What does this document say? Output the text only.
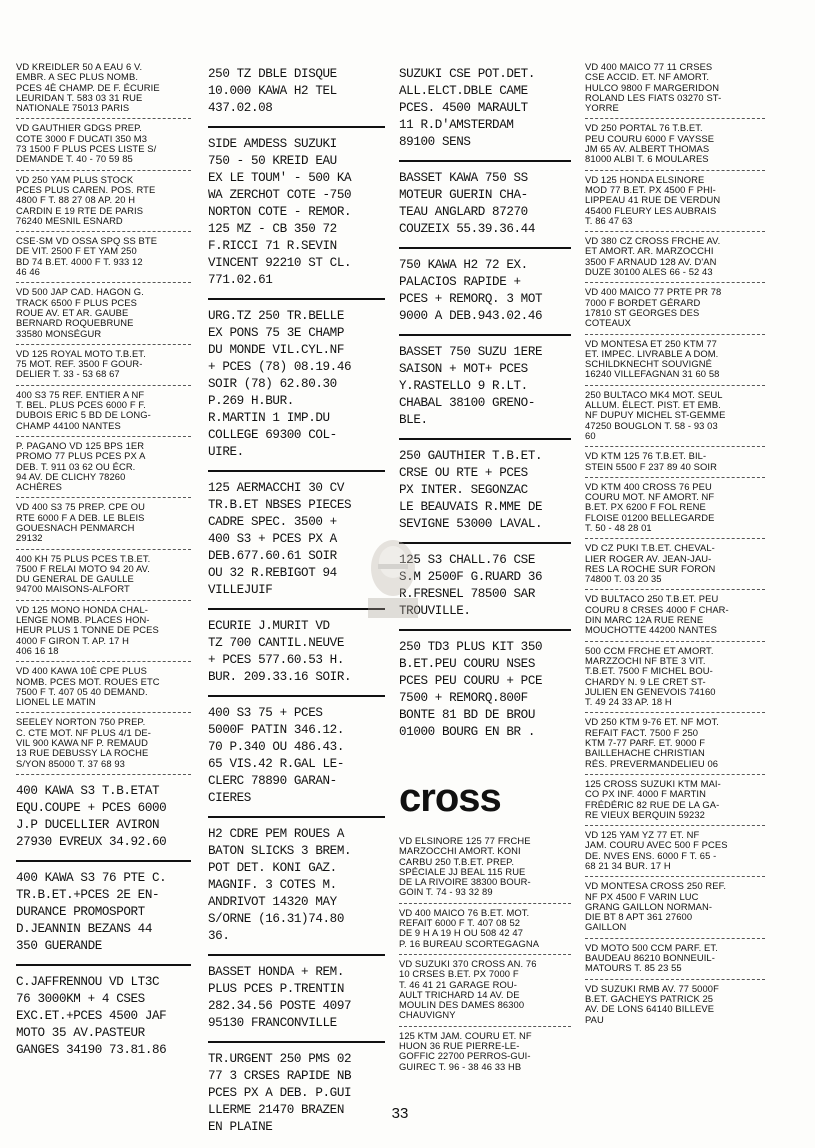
VD KREIDLER 50 A EAU 6 V.
EMBR. A SEC PLUS NOMB.
PCES 4È CHAMP. DE F. ÉCURIE
LEURIDAN T. 583 03 31 RUE
NATIONALE 75013 PARIS

VD GAUTHIER GDGS PREP.
COTE 3000 F DUCATI 350 M3
73 1500 F PLUS PCES LISTE S/
DEMANDE T. 40 - 70 59 85

VD 250 YAM PLUS STOCK
PCES PLUS CAREN. POS. RTE
4800 F T. 88 27 08 AP. 20 H
CARDIN E 19 RTE DE PARIS
76240 MESNIL ESNARD

CSE·SM VD OSSA SPQ SS BTE
DE VIT. 2500 F ET YAM 250
BD 74 B.ET. 4000 F T. 933 12
46 46

VD 500 JAP CAD. HAGON G.
TRACK 6500 F PLUS PCES
ROUE AV. ET AR. GAUBE
BERNARD ROQUEBRUNE
33580 MONSÉGUR

VD 125 ROYAL MOTO T.B.ET.
75 MOT. REF. 3500 F GOUR-
DELIER T. 33 - 53 68 67

400 S3 75 REF. ENTIER A NF
T. BEL. PLUS PCES 6000 F F.
DUBOIS ERIC 5 BD DE LONG-
CHAMP 44100 NANTES

P. PAGANO VD 125 BPS 1ER
PROMO 77 PLUS PCES PX A
DEB. T. 911 03 62 OU ÉCR.
94 AV. DE CLICHY 78260
ACHÈRES

VD 400 S3 75 PREP. CPE OU
RTE 6000 F A DEB. LE BLEIS
GOUESNACH PENMARCH
29132

400 KH 75 PLUS PCES T.B.ET.
7500 F RELAI MOTO 94 20 AV.
DU GENERAL DE GAULLE
94700 MAISONS-ALFORT

VD 125 MONO HONDA CHAL-
LENGE NOMB. PLACES HON-
HEUR PLUS 1 TONNE DE PCES
4000 F GIRON T. AP. 17 H
406 16 18

VD 400 KAWA 10È CPE PLUS
NOMB. PCES MOT. ROUES ETC
7500 F T. 407 05 40 DEMAND.
LIONEL LE MATIN

SEELEY NORTON 750 PREP.
C. CTE MOT. NF PLUS 4/1 DE-
VIL 900 KAWA NF P. REMAUD
13 RUE DEBUSSY LA ROCHE
S/YON 85000 T. 37 68 93

400 KAWA S3 T.B.ETAT
EQU.COUPE + PCES 6000
J.P DUCELLIER AVIRON
27930 EVREUX 34.92.60

400 KAWA S3 76 PTE C.
TR.B.ET.+PCES 2E EN-
DURANCE PROMOSPORT
D.JEANNIN BEZANS 44
350 GUERANDE

C.JAFFRENNOU VD LT3C
76 3000KM + 4 CSES
EXC.ET.+PCES 4500 JAF
MOTO 35 AV.PASTEUR
GANGES 34190 73.81.86

250 TZ DBLE DISQUE
10.000 KAWA H2 TEL
437.02.08

SIDE AMDESS SUZUKI
750 - 50 KREID EAU
EX LE TOUM' - 500 KA
WA ZERCHOT COTE -750
NORTON COTE - REMOR.
125 MZ - CB 350 72
F.RICCI 71 R.SEVIN
VINCENT 92210 ST CL.
771.02.61

URG.TZ 250 TR.BELLE
EX PONS 75 3E CHAMP
DU MONDE VIL.CYL.NF
+ PCES (78) 08.19.46
SOIR (78) 62.80.30
P.269 H.BUR.
R.MARTIN 1 IMP.DU
COLLEGE 69300 COL-
UIRE.

125 AERMACCHI 30 CV
TR.B.ET NBSES PIECES
CADRE SPEC. 3500 +
400 S3 + PCES PX A
DEB.677.60.61 SOIR
OU 32 R.REBIGOT 94
VILLEJUIF

ECURIE J.MURIT VD
TZ 700 CANTIL.NEUVE
+ PCES 577.60.53 H.
BUR. 209.33.16 SOIR.

400 S3 75 + PCES
5000F PATIN 346.12.
70 P.340 OU 486.43.
65 VIS.42 R.GAL LE-
CLERC 78890 GARAN-
CIERES

H2 CDRE PEM ROUES A
BATON SLICKS 3 BREM.
POT DET. KONI GAZ.
MAGNIF. 3 COTES M.
ANDRIVOT 14320 MAY
S/ORNE (16.31)74.80
36.

BASSET HONDA + REM.
PLUS PCES P.TRENTIN
282.34.56 POSTE 4097
95130 FRANCONVILLE

TR.URGENT 250 PMS 02
77 3 CRSES RAPIDE NB
PCES PX A DEB. P.GUI
LLERME 21470 BRAZEN
EN PLAINE

SUZUKI CSE POT.DET.
ALL.ELCT.DBLE CAME
PCES. 4500 MARAULT
11 R.D'AMSTERDAM
89100 SENS

BASSET KAWA 750 SS
MOTEUR GUERIN CHA-
TEAU ANGLARD 87270
COUZEIX 55.39.36.44

750 KAWA H2 72 EX.
PALACIOS RAPIDE +
PCES + REMORQ. 3 MOT
9000 A DEB.943.02.46

BASSET 750 SUZU 1ERE
SAISON + MOT+ PCES
Y.RASTELLO 9 R.LT.
CHABAL 38100 GRENO-
BLE.

250 GAUTHIER T.B.ET.
CRSE OU RTE + PCES
PX INTER. SEGONZAC
LE BEAUVAIS R.MME DE
SEVIGNE 53000 LAVAL.

S3 CHALL.76 CSE
2500F G.RUARD 36
R.FRESNEL 78500 SAR
TROUVILLE.

250 TD3 PLUS KIT 350
B.ET.PEU COURU NSES
PCES PEU COURU + PCE
7500 + REMORQ.800F
BONTE 81 BD DE BROU
01000 BOURG EN BR .

cross

VD ELSINORE 125 77 FRCHE
MARZOCCHI AMORT. KONI
CARBU 250 T.B.ET. PREP.
SPÉCIALE JJ BEAL 115 RUE
DE LA RIVOIRE 38300 BOUR-
GOIN T. 74 - 93 32 89

VD 400 MAICO 76 B.ET. MOT.
REFAIT 6000 F T. 407 08 52
DE 9 H A 19 H OU 508 42 47
P. 16 BUREAU SCORTEGAGNA

VD SUZUKI 370 CROSS AN. 76
10 CRSES B.ET. PX 7000 F
T. 46 41 21 GARAGE ROU-
AULT TRICHARD 14 AV. DE
MOULIN DES DAMES 86300
CHAUVIGNY

125 KTM JAM. COURU ET. NF
HUON 36 RUE PIERRE-LE-
GOFFIC 22700 PERROS-GUI-
GUIREC T. 96 - 38 46 33 HB

VD 400 MAICO 77 11 CRSES
CSE ACCID. ET. NF AMORT.
HULCO 9800 F MARGERIDON
ROLAND LES FIATS 03270 ST-
YORRE

VD 250 PORTAL 76 T.B.ET.
PEU COURU 6000 F VAYSSE
JM 65 AV. ALBERT THOMAS
81000 ALBI T. 6 MOULARES

VD 125 HONDA ELSINORE
MOD 77 B.ET. PX 4500 F PHI-
LIPPEAU 41 RUE DE VERDUN
45400 FLEURY LES AUBRAIS
T. 86 47 63

VD 380 CZ CROSS FRCHE AV.
ET AMORT. AR. MARZOCCHI
3500 F ARNAUD 128 AV. D'AN
DUZE 30100 ALES 66 - 52 43

VD 400 MAICO 77 PRTE PR 78
7000 F BORDET GÉRARD
17810 ST GEORGES DES
COTEAUX

VD MONTESA ET 250 KTM 77
ET. IMPEC. LIVRABLE A DOM.
SCHILDKNECHT SOUVIGNÉ
16240 VILLEFAGNAN 31 60 58

250 BULTACO MK4 MOT. SEUL
ALLUM. ÉLECT. PIST. ET EMB.
NF DUPUY MICHEL ST-GEMME
47250 BOUGLON T. 58 - 93 03
60

VD KTM 125 76 T.B.ET. BIL-
STEIN 5500 F 237 89 40 SOIR

VD KTM 400 CROSS 76 PEU
COURU MOT. NF AMORT. NF
B.ET. PX 6200 F FOL RENE
FLOISE 01200 BELLEGARDE
T. 50 - 48 28 01

VD CZ PUKI T.B.ET. CHEVAL-
LIER ROGER AV. JEAN-JAU-
RES LA ROCHE SUR FORON
74800 T. 03 20 35

VD BULTACO 250 T.B.ET. PEU
COURU 8 CRSES 4000 F CHAR-
DIN MARC 12A RUE RENE
MOUCHOTTE 44200 NANTES

500 CCM FRCHE ET AMORT.
MARZZOCHI NF BTE 3 VIT.
T.B.ET. 7500 F MICHEL BOU-
CHARDY N. 9 LE CRET ST-
JULIEN EN GENEVOIS 74160
T. 49 24 33 AP. 18 H

VD 250 KTM 9-76 ET. NF MOT.
REFAIT FACT. 7500 F 250
KTM 7-77 PARF. ET. 9000 F
BAILLEHACHE CHRISTIAN
RÉS. PREVERMANDELIEU 06

125 CROSS SUZUKI KTM MAI-
CO PX INF. 4000 F MARTIN
FRÉDÉRIC 82 RUE DE LA GA-
RE VIEUX BERQUIN 59232

VD 125 YAM YZ 77 ET. NF
JAM. COURU AVEC 500 F PCES
DE. NVES ENS. 6000 F T. 65 -
68 21 34 BUR. 17 H

VD MONTESA CROSS 250 REF.
NF PX 4500 F VARIN LUC
GRANG GAILLON NORMAN-
DIE BT 8 APT 361 27600
GAILLON

VD MOTO 500 CCM PARF. ET.
BAUDEAU 86210 BONNEUIL-
MATOURS T. 85 23 55

VD SUZUKI RMB AV. 77 5000F
B.ET. GACHEYS PATRICK 25
AV. DE LONS 64140 BILLEVE
PAU

33
